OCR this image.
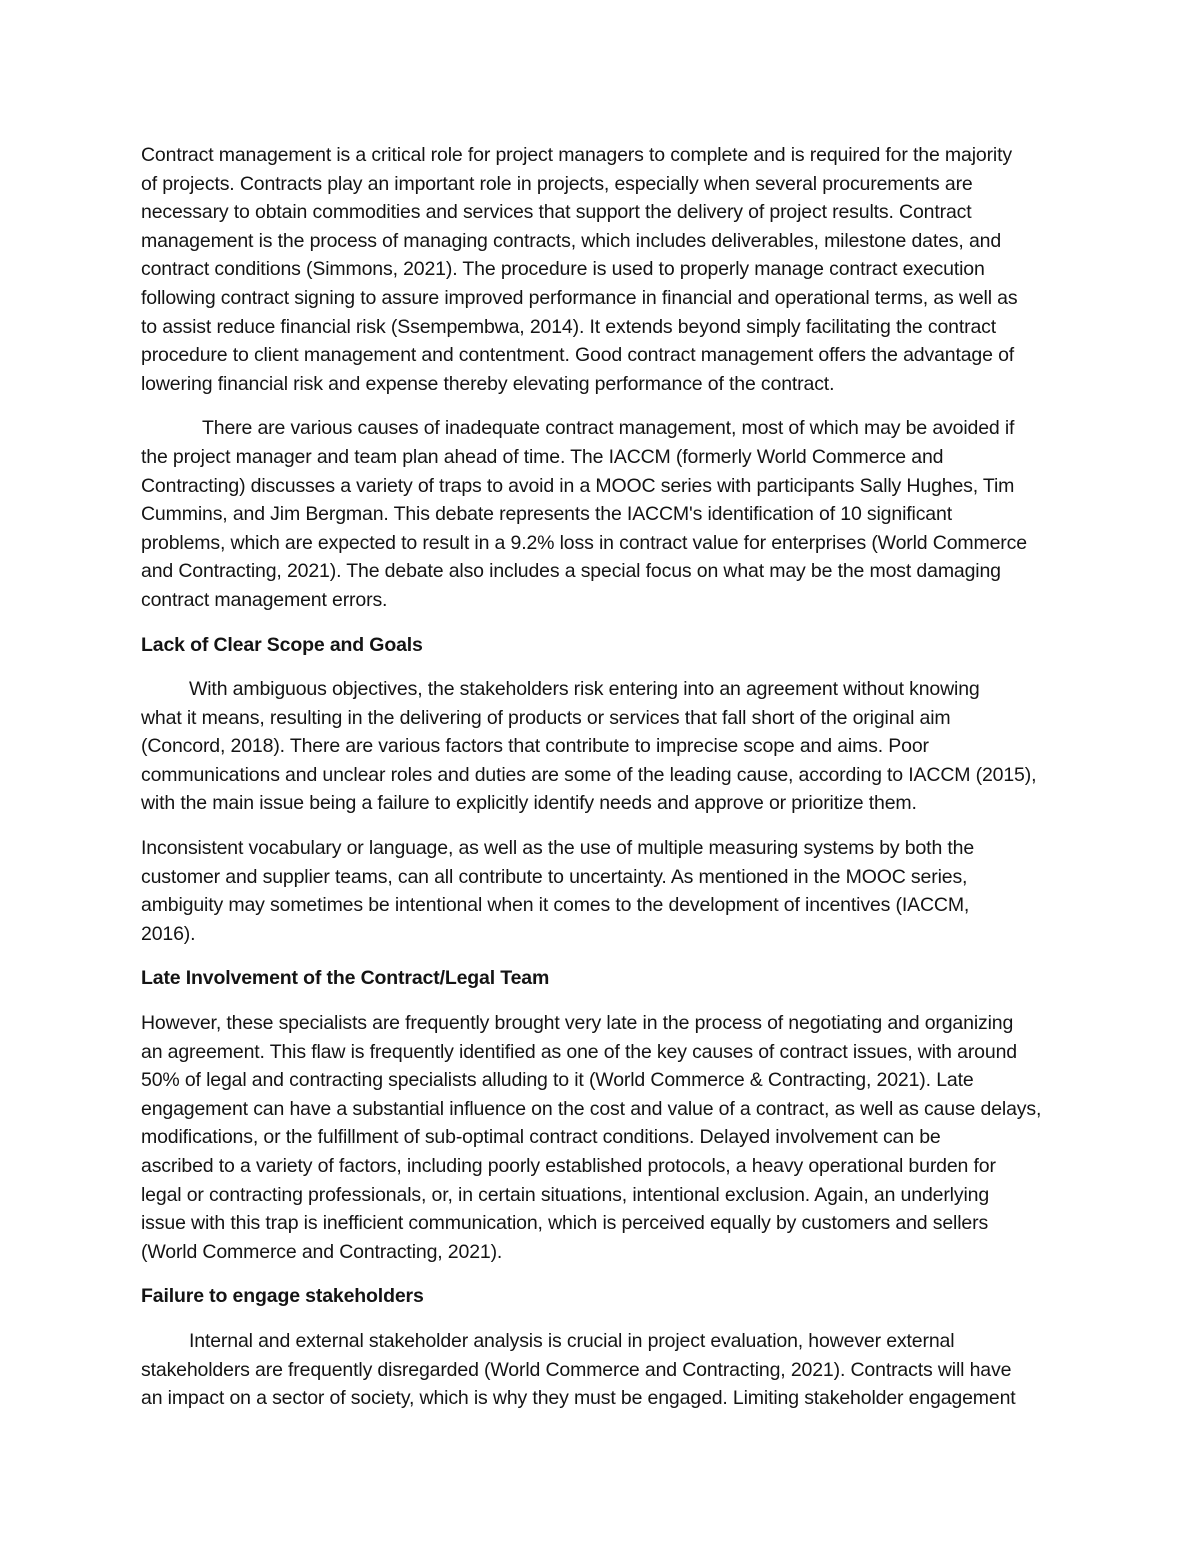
Contract management is a critical role for project managers to complete and is required for the majority
of projects. Contracts play an important role in projects, especially when several procurements are
necessary to obtain commodities and services that support the delivery of project results. Contract
management is the process of managing contracts, which includes deliverables, milestone dates, and
contract conditions (Simmons, 2021). The procedure is used to properly manage contract execution
following contract signing to assure improved performance in financial and operational terms, as well as
to assist reduce financial risk (Ssempembwa, 2014). It extends beyond simply facilitating the contract
procedure to client management and contentment. Good contract management offers the advantage of
lowering financial risk and expense thereby elevating performance of the contract.

There are various causes of inadequate contract management, most of which may be avoided if
the project manager and team plan ahead of time. The IACCM (formerly World Commerce and
Contracting) discusses a variety of traps to avoid in a MOOC series with participants Sally Hughes, Tim
Cummins, and Jim Bergman. This debate represents the IACCM's identification of 10 significant
problems, which are expected to result in a 9.2% loss in contract value for enterprises (World Commerce
and Contracting, 2021). The debate also includes a special focus on what may be the most damaging
contract management errors.

Lack of Clear Scope and Goals

With ambiguous objectives, the stakeholders risk entering into an agreement without knowing
what it means, resulting in the delivering of products or services that fall short of the original aim
(Concord, 2018). There are various factors that contribute to imprecise scope and aims. Poor
communications and unclear roles and duties are some of the leading cause, according to IACCM (2015),
with the main issue being a failure to explicitly identify needs and approve or prioritize them.

Inconsistent vocabulary or language, as well as the use of multiple measuring systems by both the
customer and supplier teams, can all contribute to uncertainty. As mentioned in the MOOC series,
ambiguity may sometimes be intentional when it comes to the development of incentives (IACCM,
2016).

Late Involvement of the Contract/Legal Team

However, these specialists are frequently brought very late in the process of negotiating and organizing
an agreement. This flaw is frequently identified as one of the key causes of contract issues, with around
50% of legal and contracting specialists alluding to it (World Commerce & Contracting, 2021). Late
engagement can have a substantial influence on the cost and value of a contract, as well as cause delays,
modifications, or the fulfillment of sub-optimal contract conditions. Delayed involvement can be
ascribed to a variety of factors, including poorly established protocols, a heavy operational burden for
legal or contracting professionals, or, in certain situations, intentional exclusion. Again, an underlying
issue with this trap is inefficient communication, which is perceived equally by customers and sellers
(World Commerce and Contracting, 2021).

Failure to engage stakeholders

Internal and external stakeholder analysis is crucial in project evaluation, however external
stakeholders are frequently disregarded (World Commerce and Contracting, 2021). Contracts will have
an impact on a sector of society, which is why they must be engaged. Limiting stakeholder engagement
